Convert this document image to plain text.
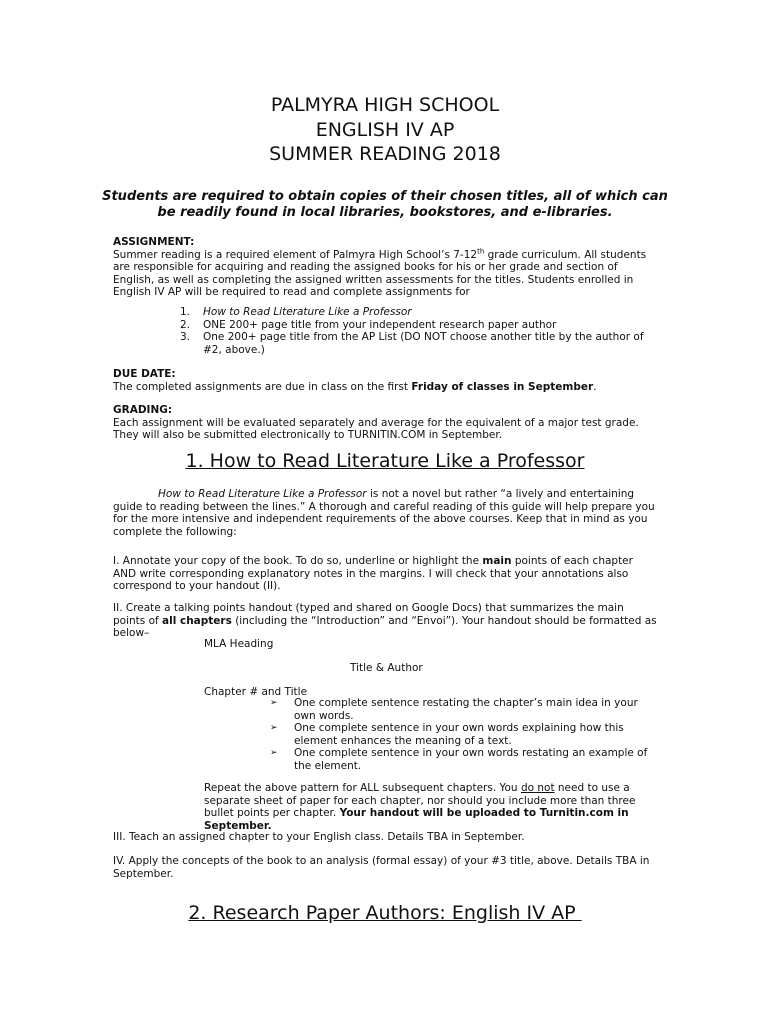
PALMYRA HIGH SCHOOL
ENGLISH IV AP
SUMMER READING 2018
Students are required to obtain copies of their chosen titles, all of which can be readily found in local libraries, bookstores, and e-libraries.
ASSIGNMENT:
Summer reading is a required element of Palmyra High School’s 7-12th grade curriculum. All students are responsible for acquiring and reading the assigned books for his or her grade and section of English, as well as completing the assigned written assessments for the titles. Students enrolled in English IV AP will be required to read and complete assignments for
1.	How to Read Literature Like a Professor
2.	ONE 200+ page title from your independent research paper author
3.	One 200+ page title from the AP List (DO NOT choose another title by the author of #2, above.)
DUE DATE:
The completed assignments are due in class on the first Friday of classes in September.
GRADING:
Each assignment will be evaluated separately and average for the equivalent of a major test grade. They will also be submitted electronically to TURNITIN.COM in September.
1. How to Read Literature Like a Professor
How to Read Literature Like a Professor is not a novel but rather “a lively and entertaining guide to reading between the lines.” A thorough and careful reading of this guide will help prepare you for the more intensive and independent requirements of the above courses. Keep that in mind as you complete the following:
I. Annotate your copy of the book. To do so, underline or highlight the main points of each chapter AND write corresponding explanatory notes in the margins. I will check that your annotations also correspond to your handout (II).
II. Create a talking points handout (typed and shared on Google Docs) that summarizes the main points of all chapters (including the “Introduction” and “Envoi”). Your handout should be formatted as below–
MLA Heading
Title & Author
Chapter # and Title
➢	One complete sentence restating the chapter’s main idea in your own words.
➢	One complete sentence in your own words explaining how this element enhances the meaning of a text.
➢	One complete sentence in your own words restating an example of the element.
Repeat the above pattern for ALL subsequent chapters. You do not need to use a separate sheet of paper for each chapter, nor should you include more than three bullet points per chapter. Your handout will be uploaded to Turnitin.com in September.
III. Teach an assigned chapter to your English class. Details TBA in September.
IV. Apply the concepts of the book to an analysis (formal essay) of your #3 title, above. Details TBA in September.
2. Research Paper Authors: English IV AP
